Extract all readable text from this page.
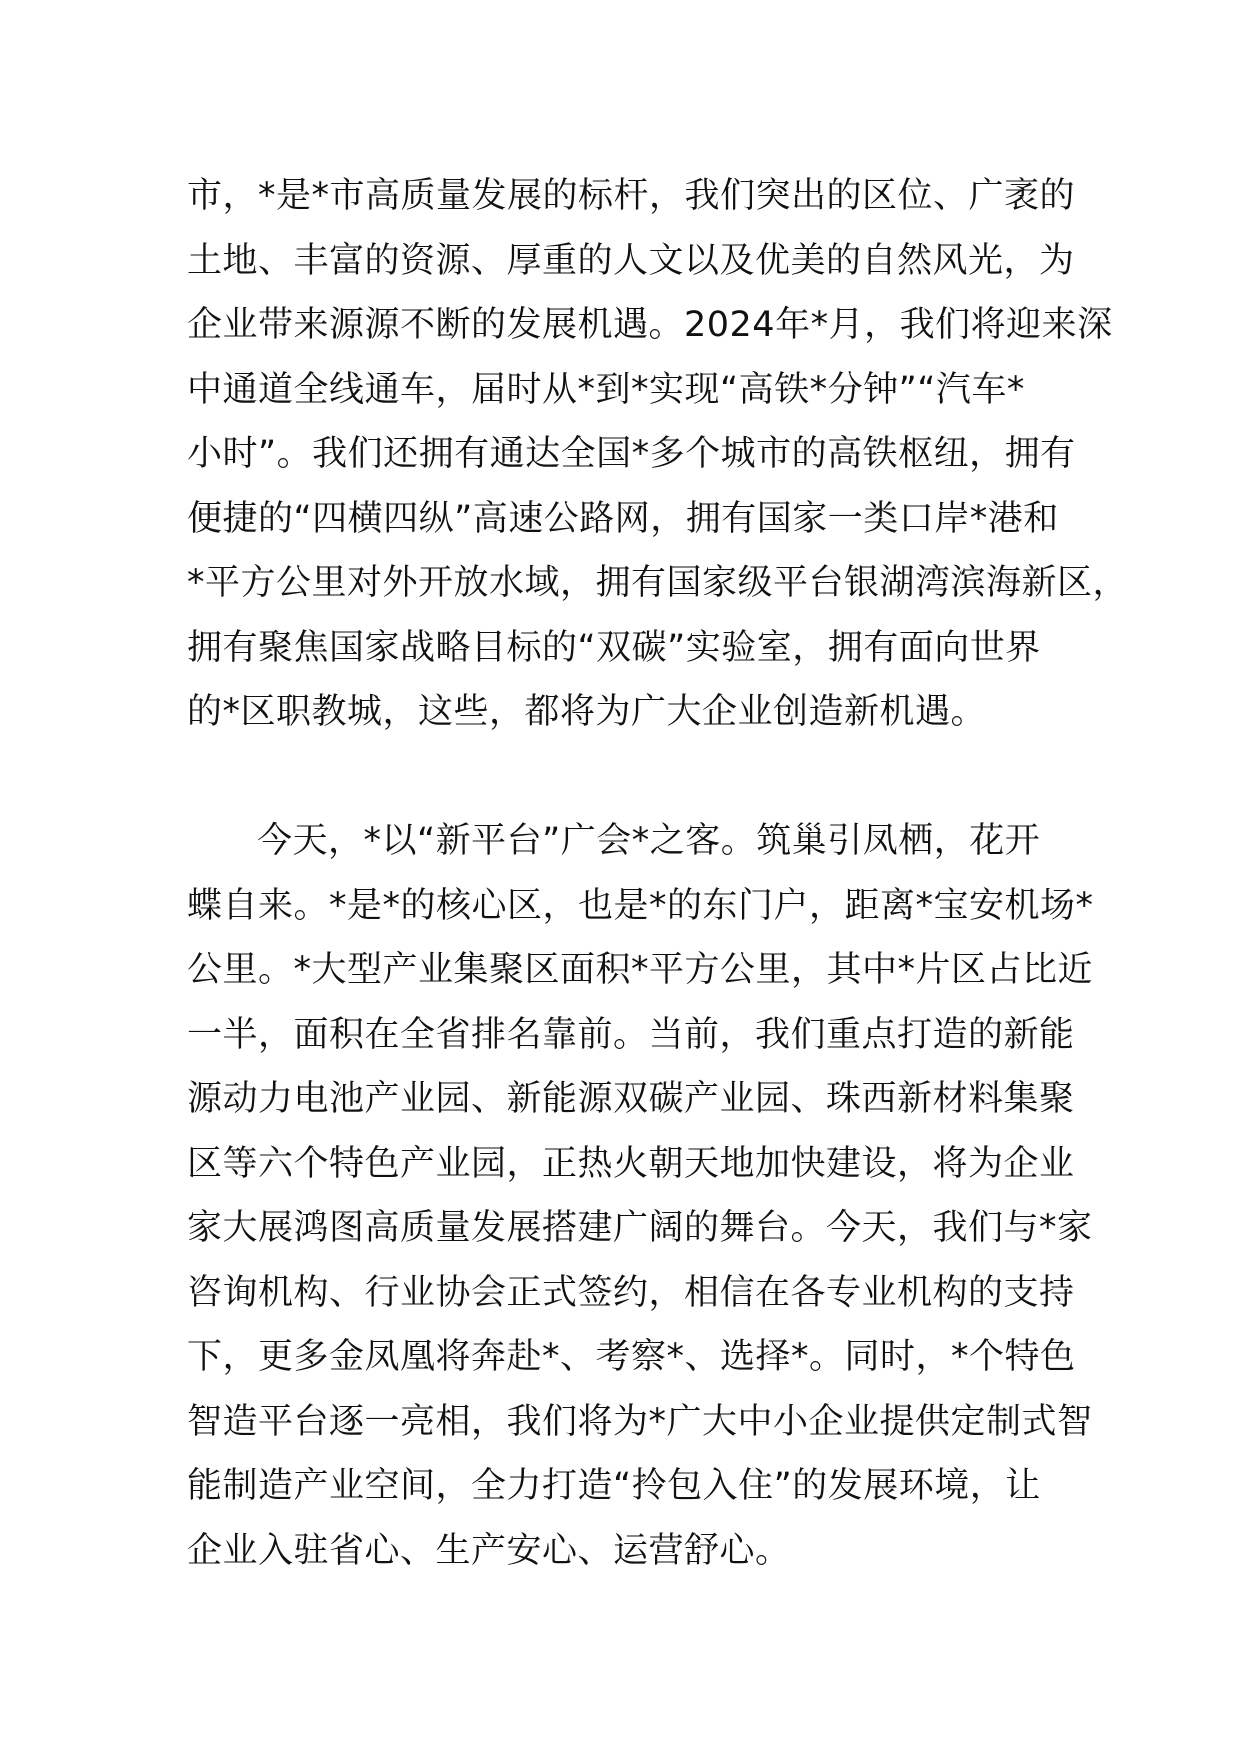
市，*是*市高质量发展的标杆，我们突出的区位、广袤的
土地、丰富的资源、厚重的人文以及优美的自然风光，为
企业带来源源不断的发展机遇。2024年*月，我们将迎来深
中通道全线通车，届时从*到*实现“高铁*分钟”“汽车*
小时”。我们还拥有通达全国*多个城市的高铁枢纽，拥有
便捷的“四横四纵”高速公路网，拥有国家一类口岸*港和
*平方公里对外开放水域，拥有国家级平台银湖湾滨海新区，
拥有聚焦国家战略目标的“双碳”实验室，拥有面向世界
的*区职教城，这些，都将为广大企业创造新机遇。
今天，*以“新平台”广会*之客。筑巢引凤栖，花开
蝶自来。*是*的核心区，也是*的东门户，距离*宝安机场*
公里。*大型产业集聚区面积*平方公里，其中*片区占比近
一半，面积在全省排名靠前。当前，我们重点打造的新能
源动力电池产业园、新能源双碳产业园、珠西新材料集聚
区等六个特色产业园，正热火朝天地加快建设，将为企业
家大展鸿图高质量发展搭建广阔的舞台。今天，我们与*家
咨询机构、行业协会正式签约，相信在各专业机构的支持
下，更多金凤凰将奔赴*、考察*、选择*。同时，*个特色
智造平台逐一亮相，我们将为*广大中小企业提供定制式智
能制造产业空间，全力打造“拎包入住”的发展环境，让
企业入驻省心、生产安心、运营舒心。
